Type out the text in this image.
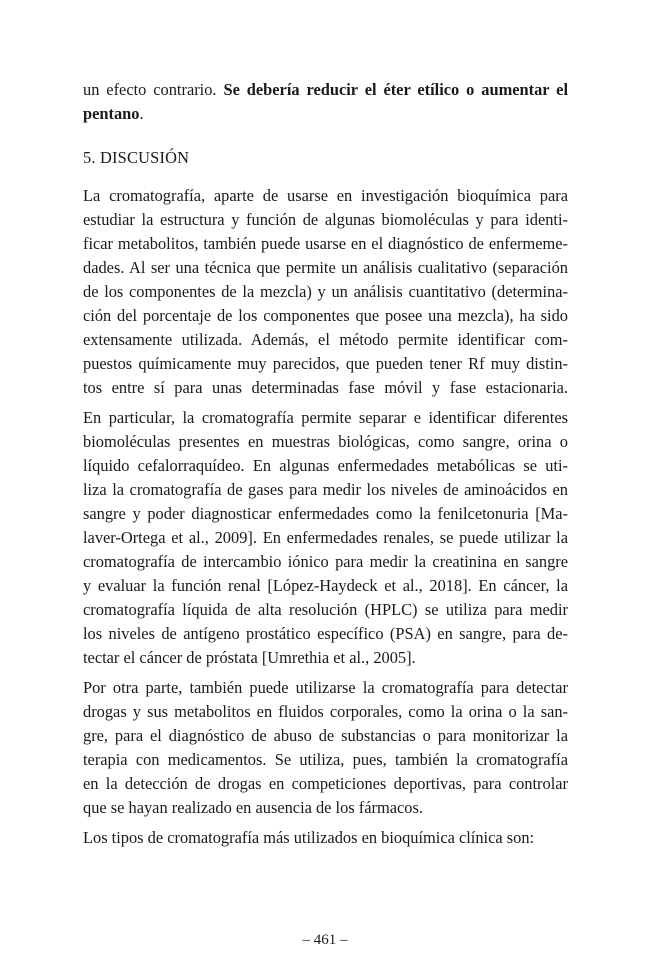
un efecto contrario. Se debería reducir el éter etílico o aumentar el
pentano.
5. DISCUSIÓN
La cromatografía, aparte de usarse en investigación bioquímica para
estudiar la estructura y función de algunas biomoléculas y para identi-
ficar metabolitos, también puede usarse en el diagnóstico de enfermeme-
dades. Al ser una técnica que permite un análisis cualitativo (separación
de los componentes de la mezcla) y un análisis cuantitativo (determina-
ción del porcentaje de los componentes que posee una mezcla), ha sido
extensamente utilizada. Además, el método permite identificar com-
puestos químicamente muy parecidos, que pueden tener Rf muy distin-
tos entre sí para unas determinadas fase móvil y fase estacionaria.
En particular, la cromatografía permite separar e identificar diferentes
biomoléculas presentes en muestras biológicas, como sangre, orina o
líquido cefalorraquídeo. En algunas enfermedades metabólicas se uti-
liza la cromatografía de gases para medir los niveles de aminoácidos en
sangre y poder diagnosticar enfermedades como la fenilcetonuria [Ma-
laver-Ortega et al., 2009]. En enfermedades renales, se puede utilizar la
cromatografía de intercambio iónico para medir la creatinina en sangre
y evaluar la función renal [López-Haydeck et al., 2018]. En cáncer, la
cromatografía líquida de alta resolución (HPLC) se utiliza para medir
los niveles de antígeno prostático específico (PSA) en sangre, para de-
tectar el cáncer de próstata [Umrethia et al., 2005].
Por otra parte, también puede utilizarse la cromatografía para detectar
drogas y sus metabolitos en fluidos corporales, como la orina o la san-
gre, para el diagnóstico de abuso de substancias o para monitorizar la
terapia con medicamentos. Se utiliza, pues, también la cromatografía
en la detección de drogas en competiciones deportivas, para controlar
que se hayan realizado en ausencia de los fármacos.
Los tipos de cromatografía más utilizados en bioquímica clínica son:
– 461 –
